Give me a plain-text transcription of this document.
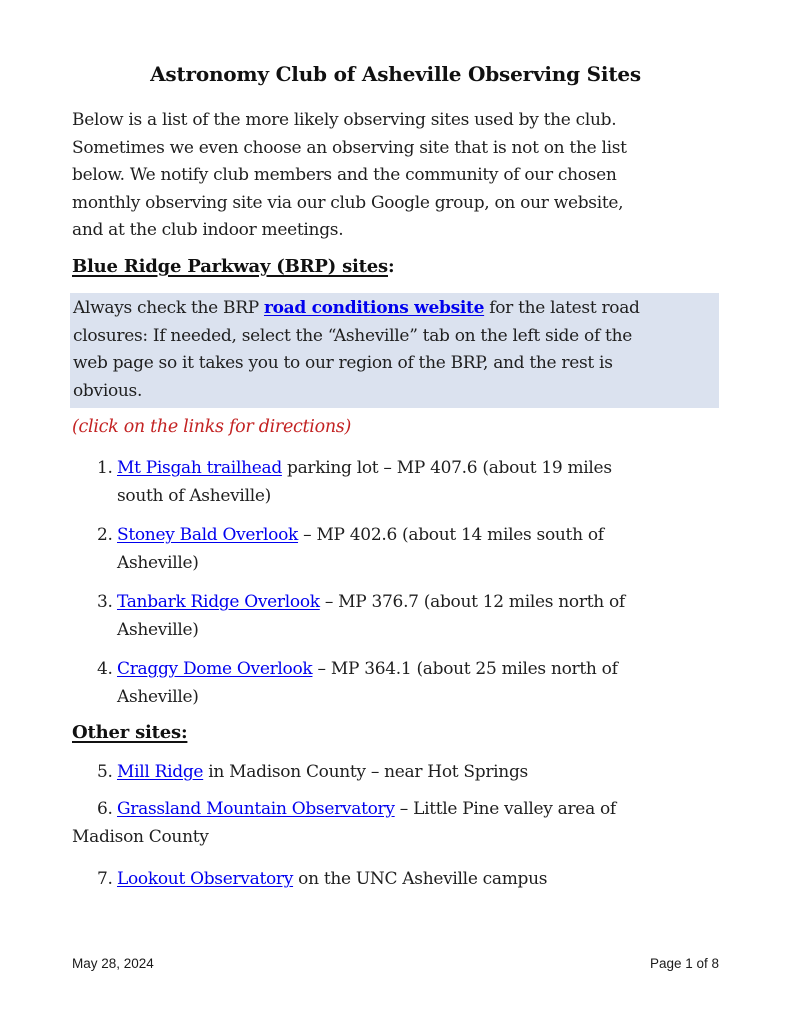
Astronomy Club of Asheville Observing Sites
Below is a list of the more likely observing sites used by the club.
Sometimes we even choose an observing site that is not on the list
below. We notify club members and the community of our chosen
monthly observing site via our club Google group, on our website,
and at the club indoor meetings.
Blue Ridge Parkway (BRP) sites:
Always check the BRP road conditions website for the latest road
closures: If needed, select the “Asheville” tab on the left side of the
web page so it takes you to our region of the BRP, and the rest is
obvious.
(click on the links for directions)
1. Mt Pisgah trailhead parking lot – MP 407.6 (about 19 miles
south of Asheville)
2. Stoney Bald Overlook – MP 402.6 (about 14 miles south of
Asheville)
3. Tanbark Ridge Overlook – MP 376.7 (about 12 miles north of
Asheville)
4. Craggy Dome Overlook – MP 364.1 (about 25 miles north of
Asheville)
Other sites:
5. Mill Ridge in Madison County – near Hot Springs
6. Grassland Mountain Observatory – Little Pine valley area of
Madison County
7. Lookout Observatory on the UNC Asheville campus
May 28, 2024	Page 1 of 8
